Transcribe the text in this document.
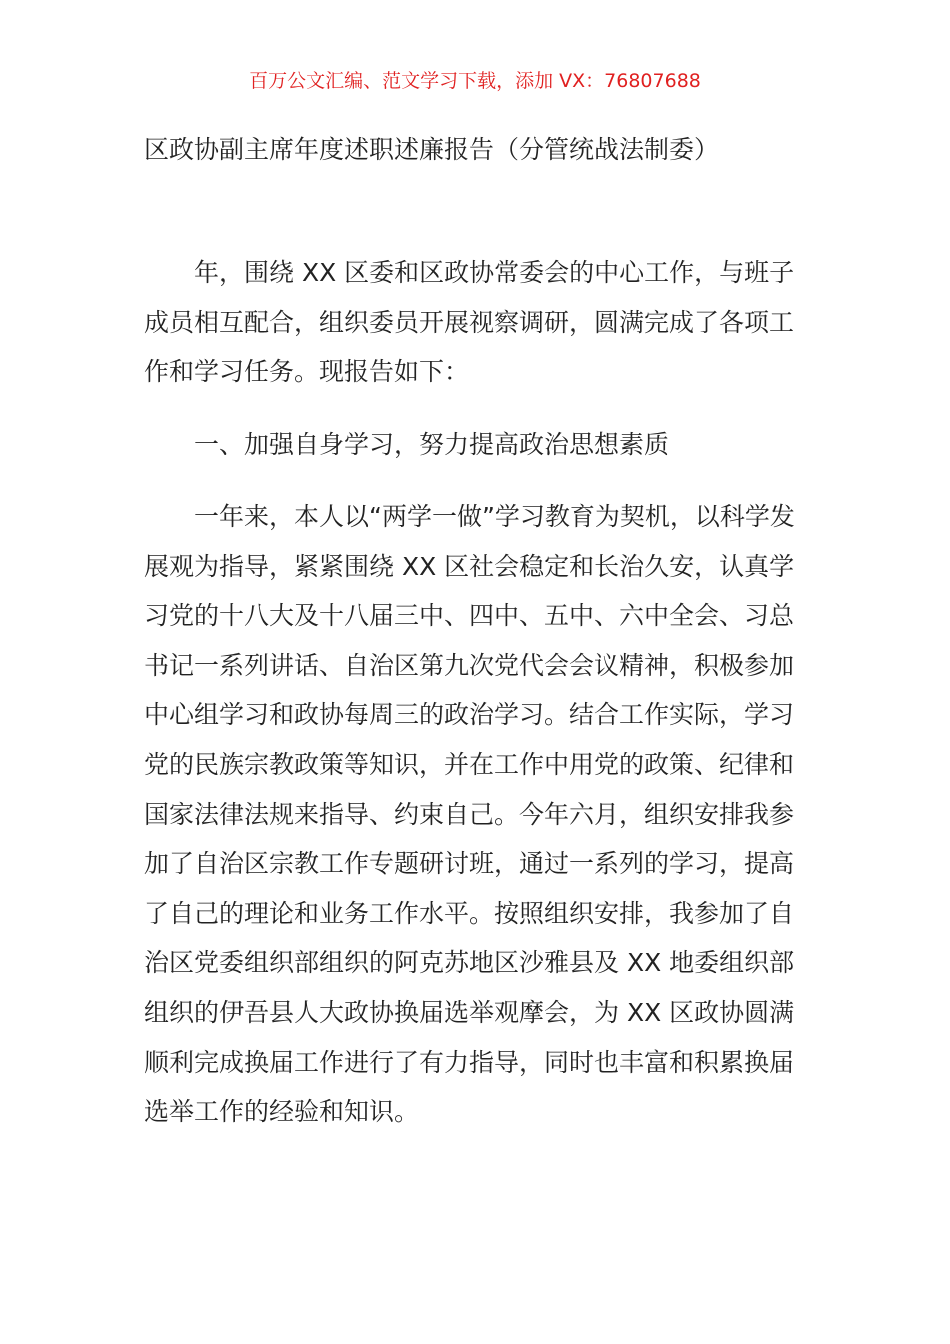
百万公文汇编、范文学习下载，添加 VX：76807688
区政协副主席年度述职述廉报告（分管统战法制委）

年，围绕 XX 区委和区政协常委会的中心工作，与班子成员相互配合，组织委员开展视察调研，圆满完成了各项工作和学习任务。现报告如下：

一、加强自身学习，努力提高政治思想素质

一年来，本人以“两学一做”学习教育为契机，以科学发展观为指导，紧紧围绕 XX 区社会稳定和长治久安，认真学习党的十八大及十八届三中、四中、五中、六中全会、习总书记一系列讲话、自治区第九次党代会会议精神，积极参加中心组学习和政协每周三的政治学习。结合工作实际，学习党的民族宗教政策等知识，并在工作中用党的政策、纪律和国家法律法规来指导、约束自己。今年六月，组织安排我参加了自治区宗教工作专题研讨班，通过一系列的学习，提高了自己的理论和业务工作水平。按照组织安排，我参加了自治区党委组织部组织的阿克苏地区沙雅县及 XX 地委组织部组织的伊吾县人大政协换届选举观摩会，为 XX 区政协圆满顺利完成换届工作进行了有力指导，同时也丰富和积累换届选举工作的经验和知识。
